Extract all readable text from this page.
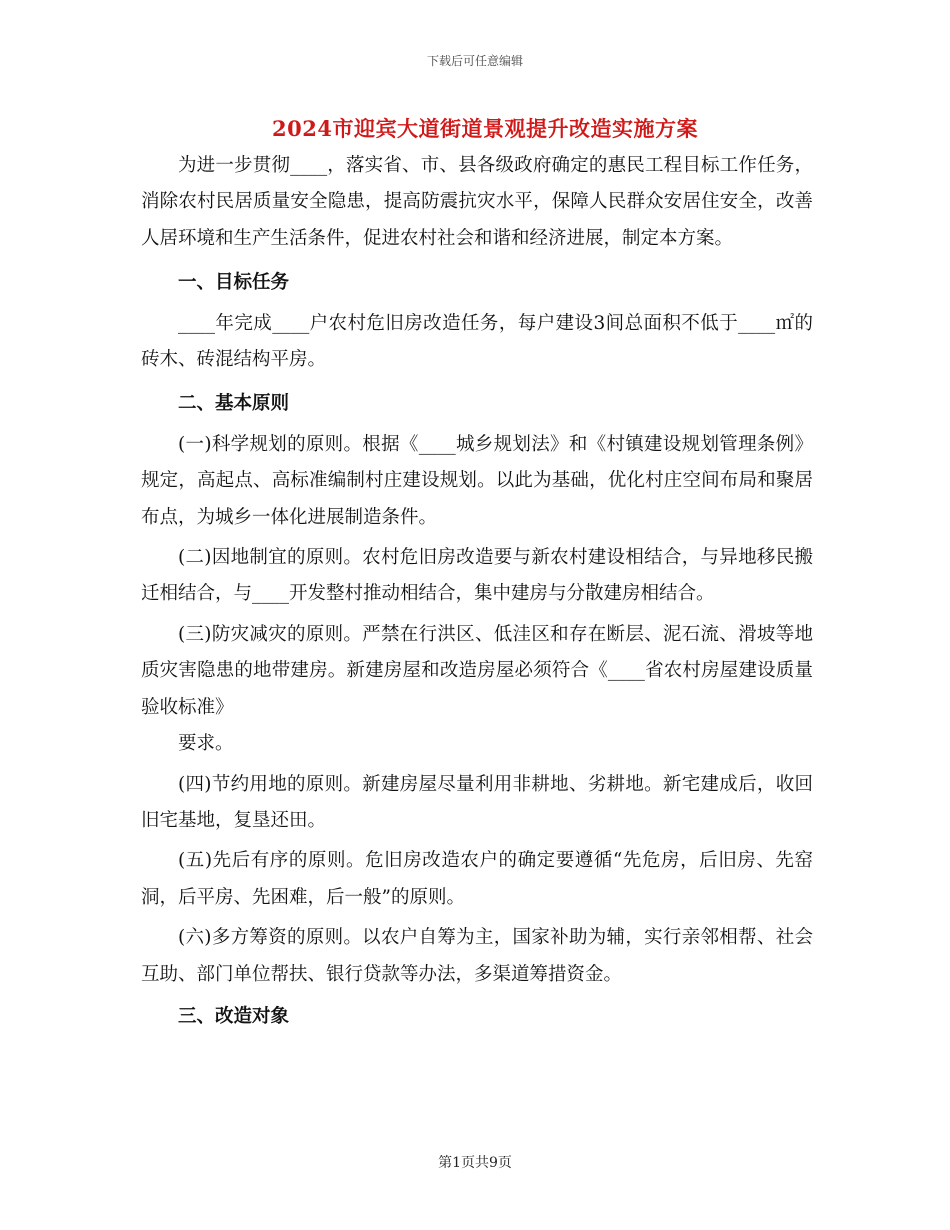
下载后可任意编辑
2024市迎宾大道街道景观提升改造实施方案

为进一步贯彻____，落实省、市、县各级政府确定的惠民工程目标工作任务，消除农村民居质量安全隐患，提高防震抗灾水平，保障人民群众安居住安全，改善人居环境和生产生活条件，促进农村社会和谐和经济进展，制定本方案。

一、目标任务

____年完成____户农村危旧房改造任务，每户建设3间总面积不低于____㎡的砖木、砖混结构平房。

二、基本原则

(一)科学规划的原则。根据《____城乡规划法》和《村镇建设规划管理条例》规定，高起点、高标准编制村庄建设规划。以此为基础，优化村庄空间布局和聚居布点，为城乡一体化进展制造条件。

(二)因地制宜的原则。农村危旧房改造要与新农村建设相结合，与异地移民搬迁相结合，与____开发整村推动相结合，集中建房与分散建房相结合。

(三)防灾减灾的原则。严禁在行洪区、低洼区和存在断层、泥石流、滑坡等地质灾害隐患的地带建房。新建房屋和改造房屋必须符合《____省农村房屋建设质量验收标准》

要求。

(四)节约用地的原则。新建房屋尽量利用非耕地、劣耕地。新宅建成后，收回旧宅基地，复垦还田。

(五)先后有序的原则。危旧房改造农户的确定要遵循“先危房，后旧房、先窑洞，后平房、先困难，后一般”的原则。

(六)多方筹资的原则。以农户自筹为主，国家补助为辅，实行亲邻相帮、社会互助、部门单位帮扶、银行贷款等办法，多渠道筹措资金。

三、改造对象

第1页共9页
